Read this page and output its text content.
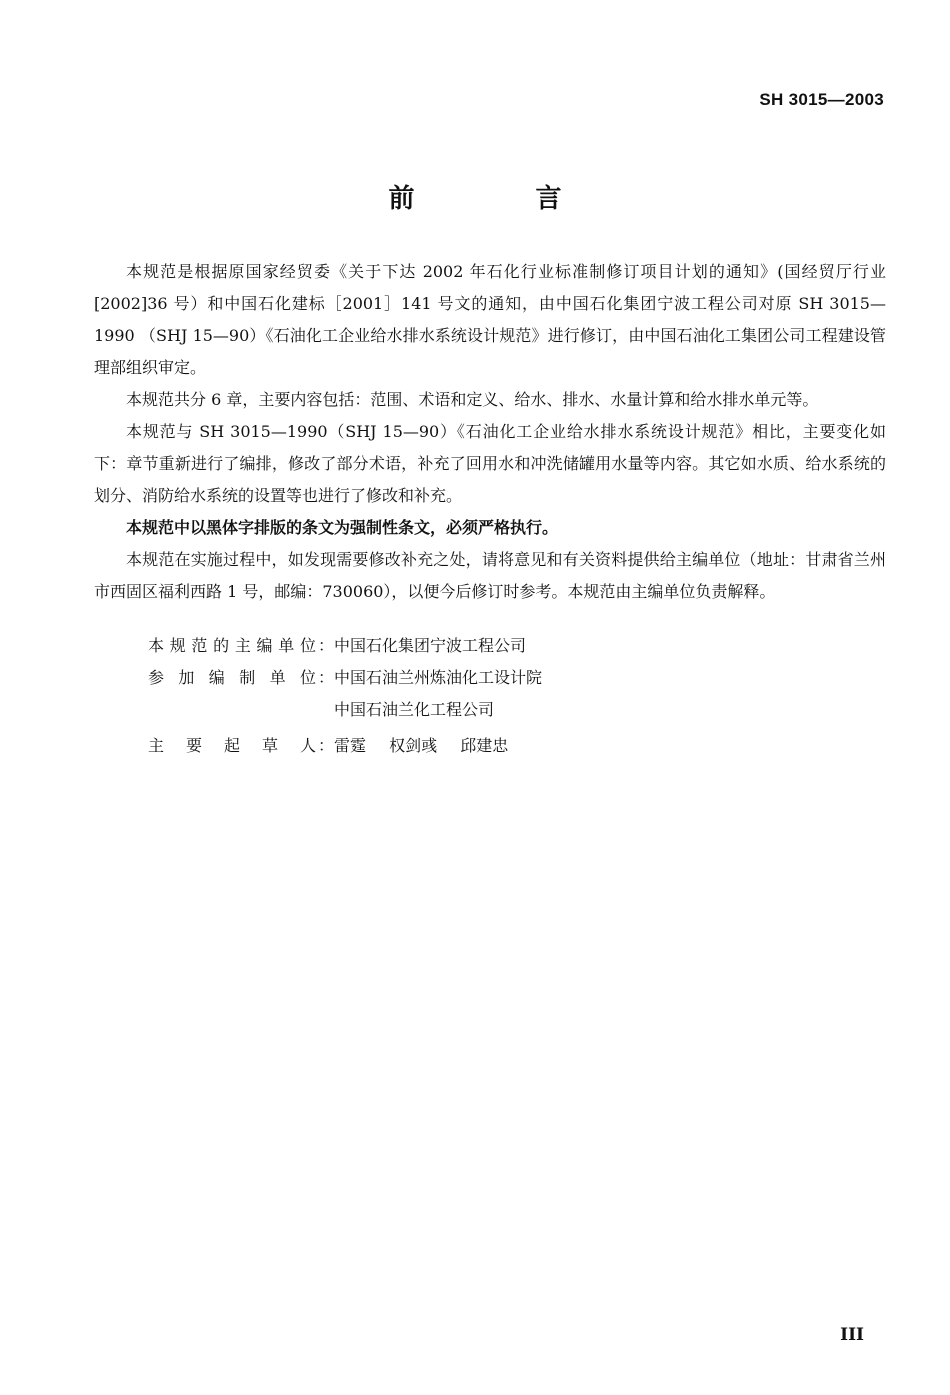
SH 3015—2003
前 言

本规范是根据原国家经贸委《关于下达 2002 年石化行业标准制修订项目计划的通知》(国经贸厅行业[2002]36 号）和中国石化建标［2001］141 号文的通知，由中国石化集团宁波工程公司对原 SH 3015—1990 （SHJ 15—90）《石油化工企业给水排水系统设计规范》进行修订，由中国石油化工集团公司工程建设管理部组织审定。

本规范共分 6 章，主要内容包括：范围、术语和定义、给水、排水、水量计算和给水排水单元等。

本规范与 SH 3015—1990（SHJ 15—90）《石油化工企业给水排水系统设计规范》相比，主要变化如下：章节重新进行了编排，修改了部分术语，补充了回用水和冲洗储罐用水量等内容。其它如水质、给水系统的划分、消防给水系统的设置等也进行了修改和补充。

本规范中以黑体字排版的条文为强制性条文，必须严格执行。

本规范在实施过程中，如发现需要修改补充之处，请将意见和有关资料提供给主编单位（地址：甘肃省兰州市西固区福利西路 1 号，邮编：730060），以便今后修订时参考。本规范由主编单位负责解释。

本规范的主编单位 ： 中国石化集团宁波工程公司
参加编制单位 ： 中国石油兰州炼油化工设计院
中国石油兰化工程公司
主要起草人 ： 雷霆 权剑彧 邱建忠
III
